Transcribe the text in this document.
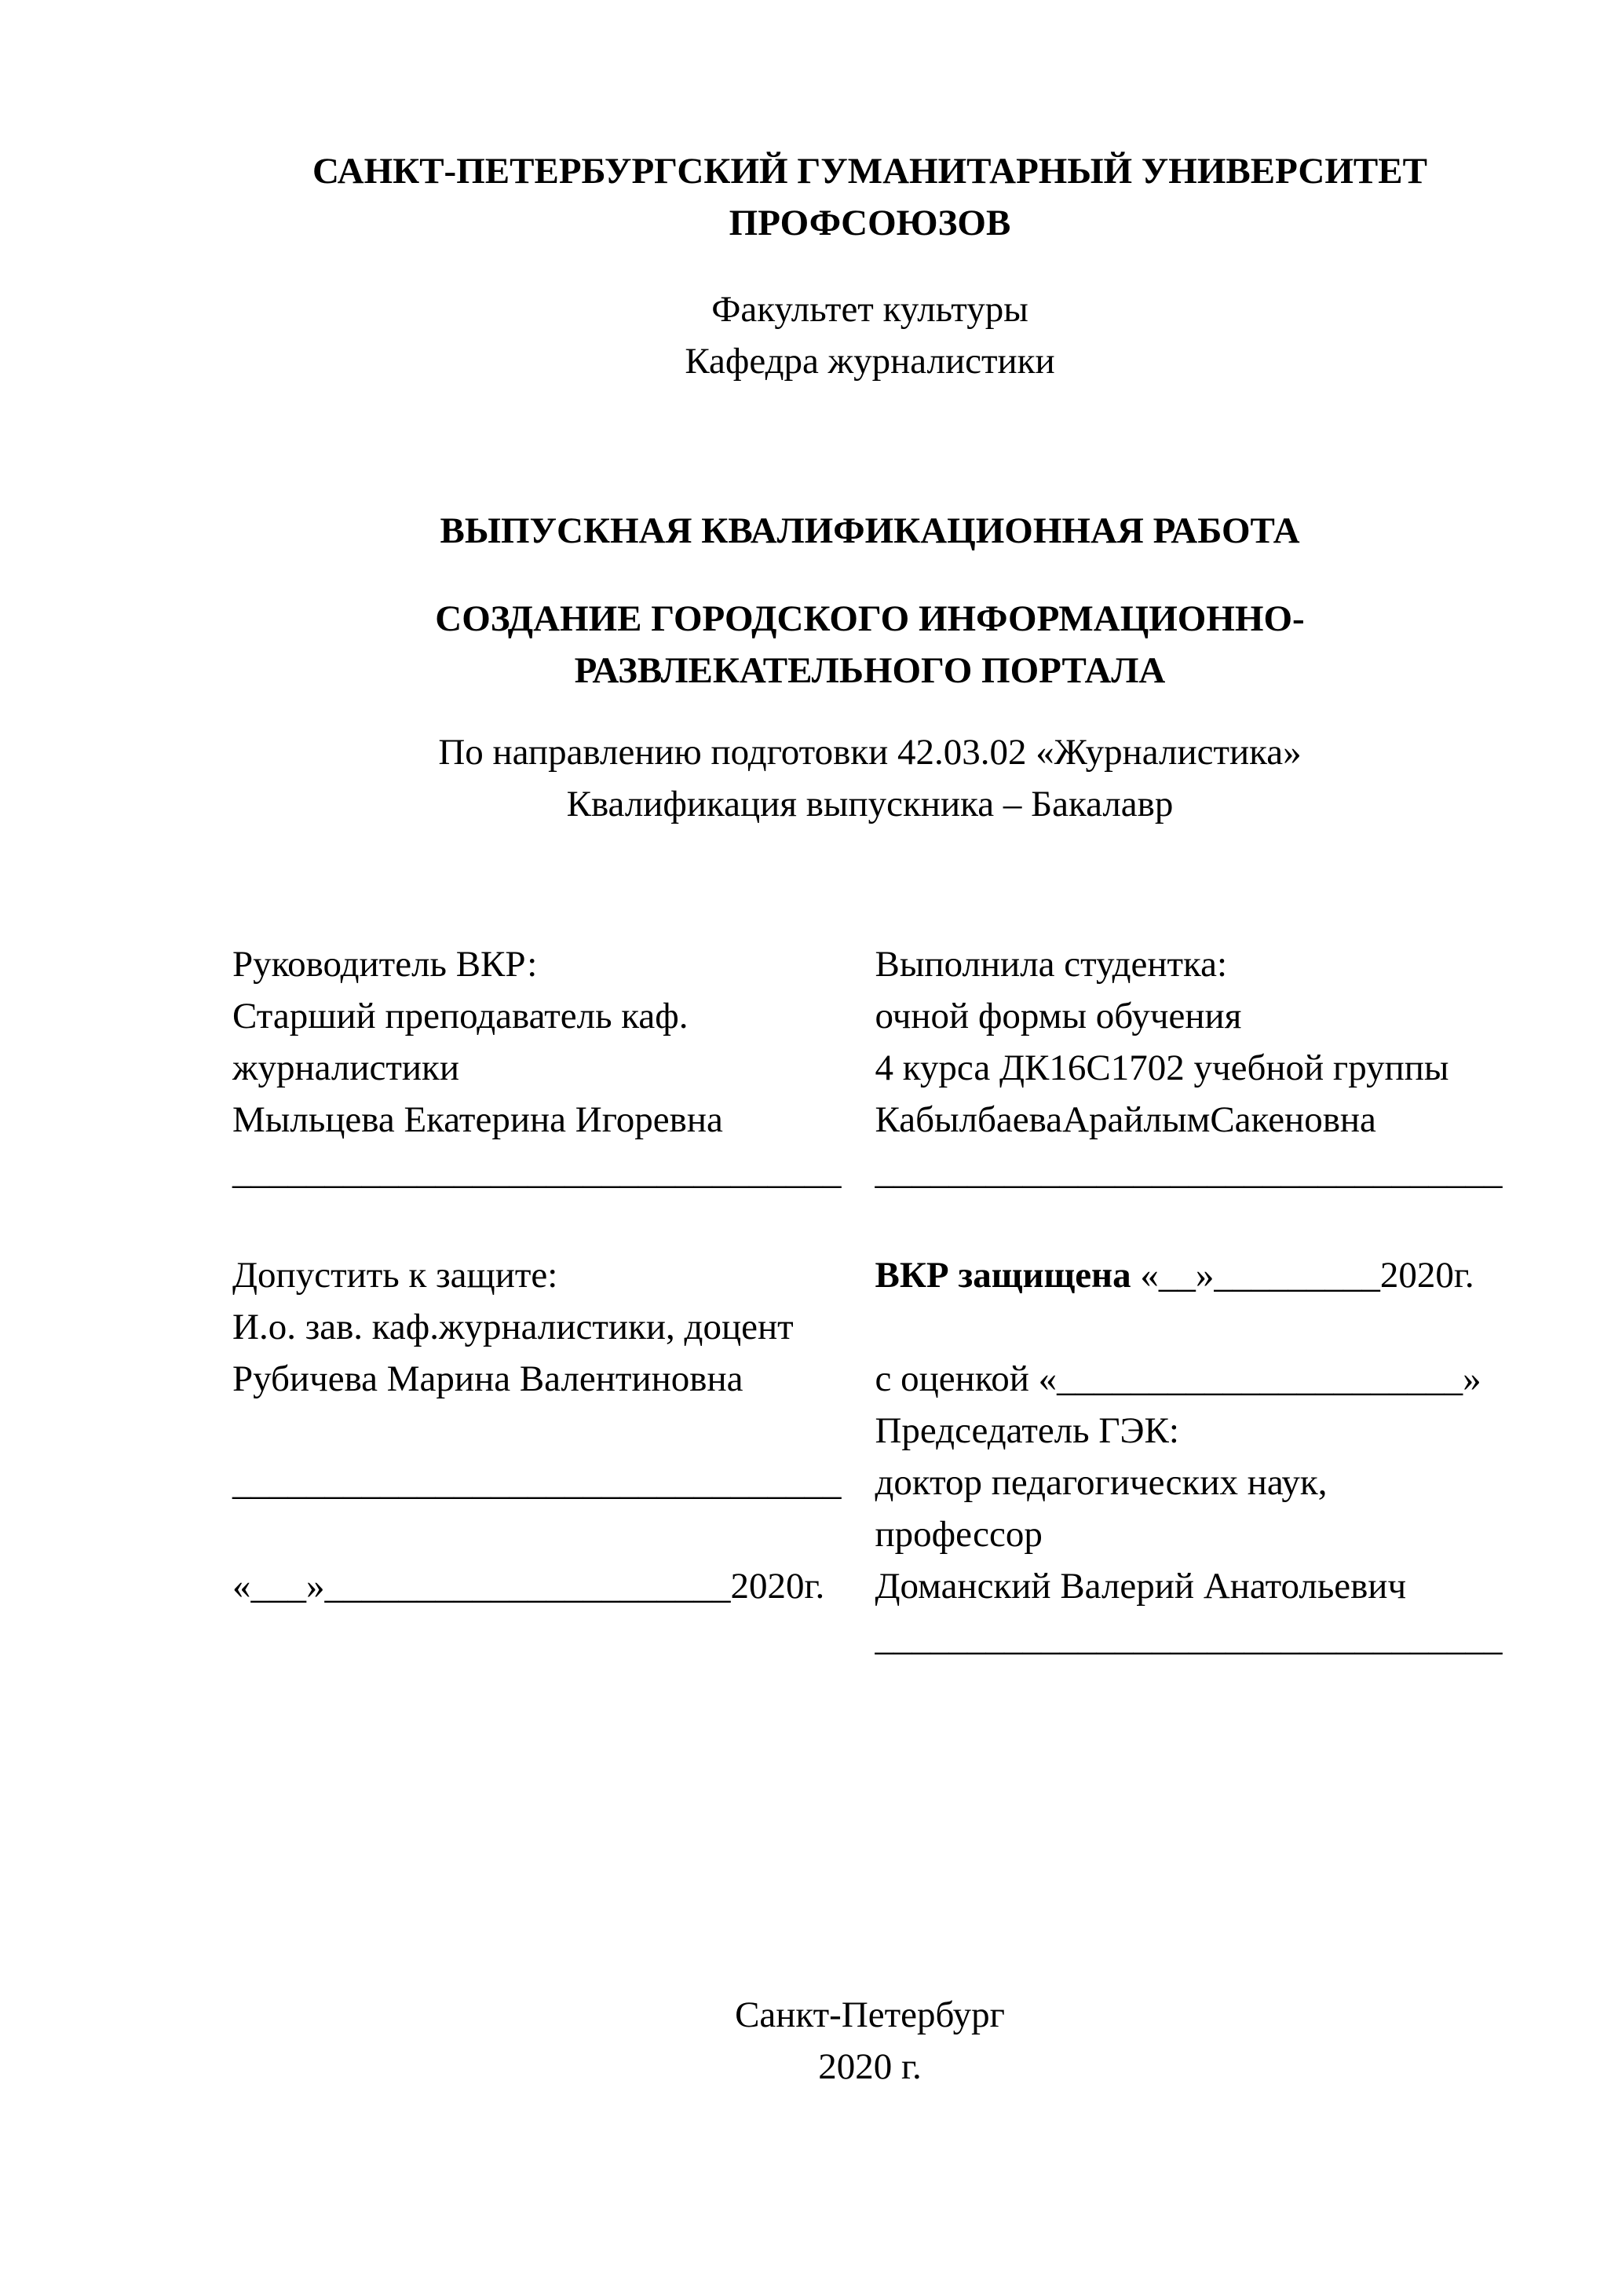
САНКТ-ПЕТЕРБУРГСКИЙ ГУМАНИТАРНЫЙ УНИВЕРСИТЕТ
ПРОФСОЮЗОВ
Факультет культуры
Кафедра журналистики
ВЫПУСКНАЯ КВАЛИФИКАЦИОННАЯ РАБОТА
СОЗДАНИЕ ГОРОДСКОГО ИНФОРМАЦИОННО-
РАЗВЛЕКАТЕЛЬНОГО ПОРТАЛА
По направлению подготовки 42.03.02 «Журналистика»
Квалификация выпускника – Бакалавр
Руководитель ВКР:
Старший преподаватель каф.
журналистики
Мыльцева Екатерина Игоревна
_________________________________
Допустить к защите:
И.о. зав. каф.журналистики, доцент
Рубичева Марина Валентиновна
_________________________________
«___»______________________2020г.
Выполнила студентка:
очной формы обучения
4 курса ДК16С1702 учебной группы
КабылбаеваАрайлымСакеновна
__________________________________
ВКР защищена «__»_________2020г.
с оценкой «______________________»
Председатель ГЭК:
доктор педагогических наук,
профессор
Доманский Валерий Анатольевич
__________________________________
Санкт-Петербург
2020 г.
